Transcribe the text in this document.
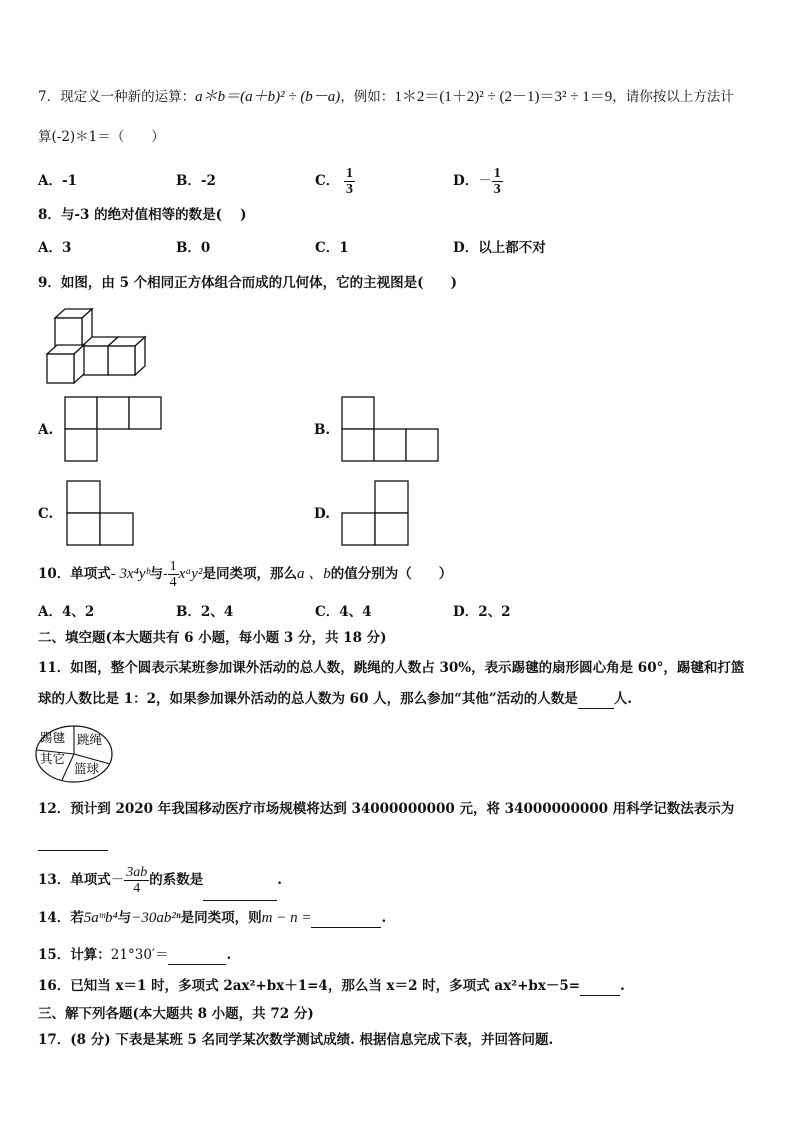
7．现定义一种新的运算：a＊b＝(a＋b)² ÷ (b－a)，例如：1＊2＝(1＋2)² ÷ (2－1)＝3² ÷ 1＝9，请你按以上方法计
算(-2)＊1＝（　　）
A．-1	B．-2	C． $\frac{1}{3}$	D．－ $\frac{1}{3}$
8．与-3 的绝对值相等的数是(　 )
A．3	B．0	C．1	D．以上都不对
9．如图，由 5 个相同正方体组合而成的几何体，它的主视图是(　　)
A.	B.
C.	D.
10．单项式- 3x⁴yᵇ与- $\frac{1}{4}$ xᵃy²是同类项，那么a 、b的值分别为（　　）
A．4、2	B．2、4	C．4、4	D．2、2
二、填空题(本大题共有 6 小题，每小题 3 分，共 18 分)
11．如图，整个圆表示某班参加课外活动的总人数，跳绳的人数占 30%，表示踢毽的扇形圆心角是 60°，踢毽和打篮
球的人数比是 1：2，如果参加课外活动的总人数为 60 人，那么参加“其他”活动的人数是	人.
踢毽 跳绳
其它
篮球
12．预计到 2020 年我国移动医疗市场规模将达到 34000000000 元，将 34000000000 用科学记数法表示为

13．单项式－ $\frac{3ab}{4}$ 的系数是	.
14．若5aᵐb⁴与−30ab²ⁿ是同类项，则m − n =	.
15．计算：21°30′＝	.
16．已知当 x＝1 时，多项式 2ax²+bx＋1=4，那么当 x＝2 时，多项式 ax²+bx－5=	.
三、解下列各题(本大题共 8 小题，共 72 分)
17．(8 分) 下表是某班 5 名同学某次数学测试成绩. 根据信息完成下表，并回答问题.
